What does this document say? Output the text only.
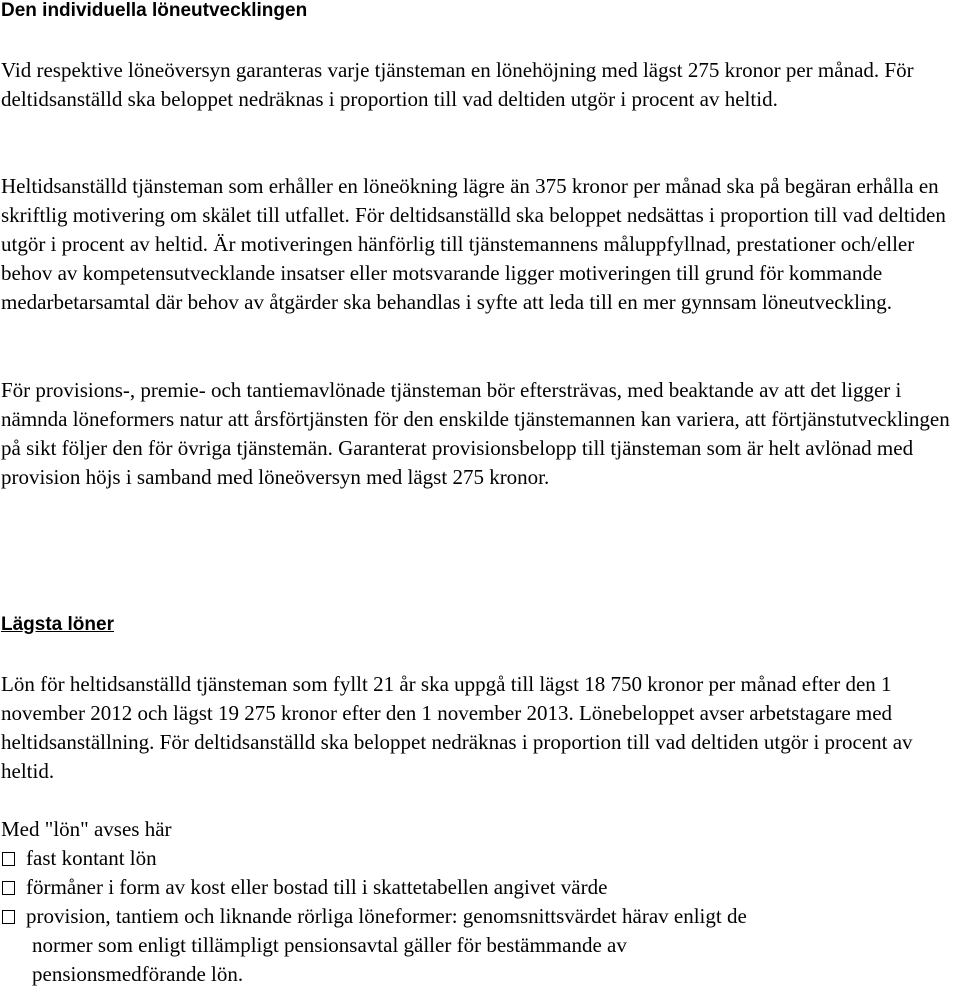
Den individuella löneutvecklingen

Vid respektive löneöversyn garanteras varje tjänsteman en lönehöjning med lägst 275 kronor per månad. För deltidsanställd ska beloppet nedräknas i proportion till vad deltiden utgör i procent av heltid.

Heltidsanställd tjänsteman som erhåller en löneökning lägre än 375 kronor per månad ska på begäran erhålla en skriftlig motivering om skälet till utfallet. För deltidsanställd ska beloppet nedsättas i proportion till vad deltiden utgör i procent av heltid. Är motiveringen hänförlig till tjänstemannens måluppfyllnad, prestationer och/eller behov av kompetensutvecklande insatser eller motsvarande ligger motiveringen till grund för kommande medarbetarsamtal där behov av åtgärder ska behandlas i syfte att leda till en mer gynnsam löneutveckling.

För provisions-, premie- och tantiemavlönade tjänsteman bör eftersträvas, med beaktande av att det ligger i nämnda löneformers natur att årsförtjänsten för den enskilde tjänstemannen kan variera, att förtjänstutvecklingen på sikt följer den för övriga tjänstemän. Garanterat provisionsbelopp till tjänsteman som är helt avlönad med provision höjs i samband med löneöversyn med lägst 275 kronor.

Lägsta löner

Lön för heltidsanställd tjänsteman som fyllt 21 år ska uppgå till lägst 18 750 kronor per månad efter den 1 november 2012 och lägst 19 275 kronor efter den 1 november 2013. Lönebeloppet avser arbetstagare med heltidsanställning. För deltidsanställd ska beloppet nedräknas i proportion till vad deltiden utgör i procent av heltid.

Med "lön" avses här

fast kontant lön
förmåner i form av kost eller bostad till i skattetabellen angivet värde
provision, tantiem och liknande rörliga löneformer: genomsnittsvärdet härav enligt de
normer som enligt tillämpligt pensionsavtal gäller för bestämmande av pensionsmedförande lön.
